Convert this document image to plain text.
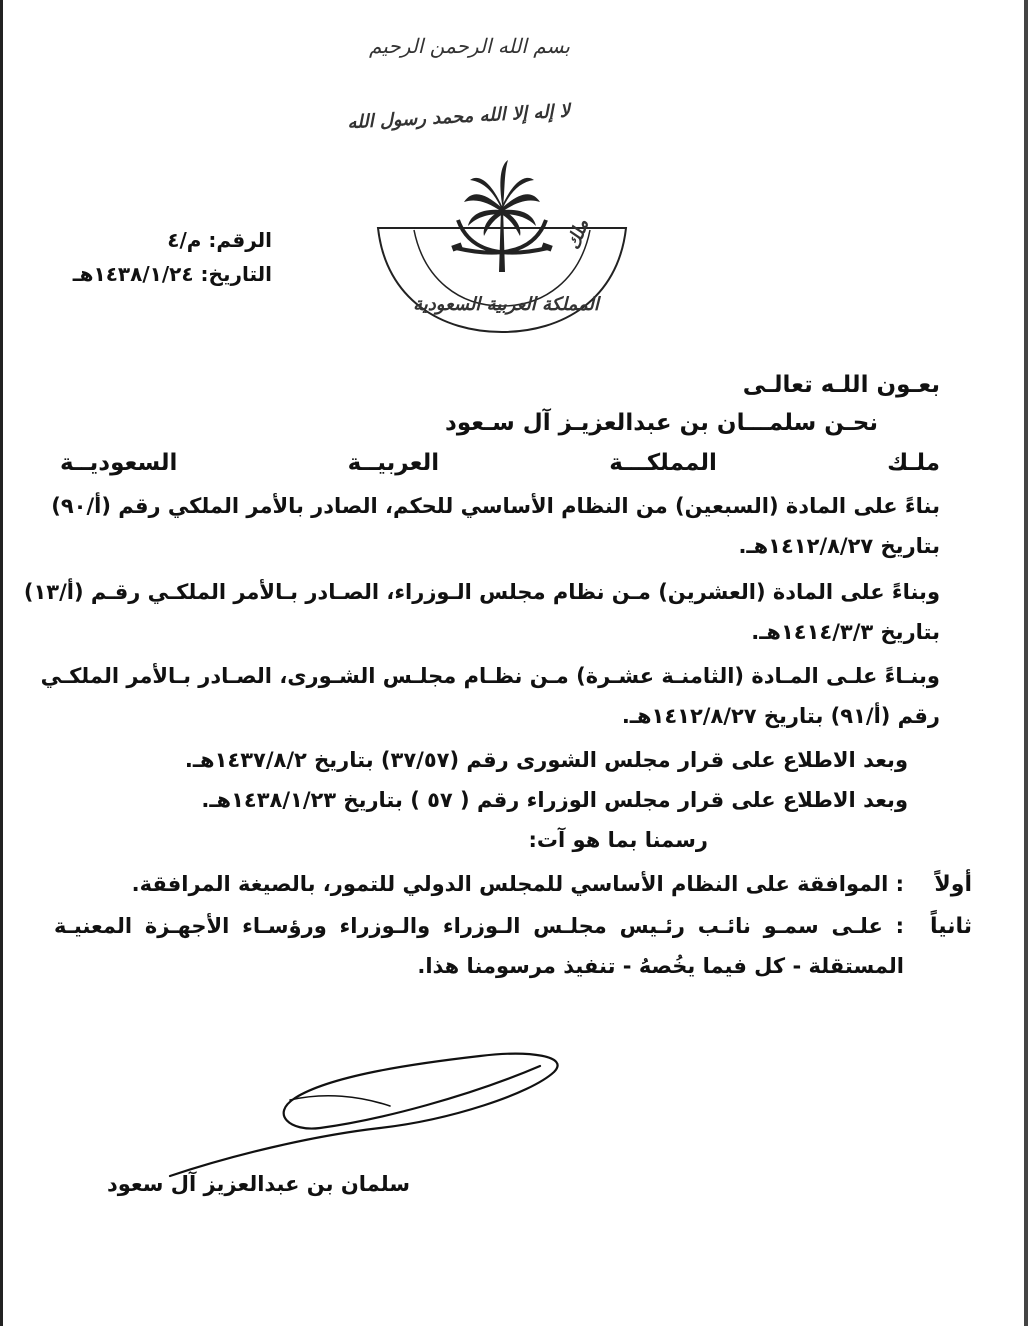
بسم الله الرحمن الرحيم
لا إله إلا الله محمد رسول الله
المملكة العربية السعودية
ملك
الرقم: م/٤
التاريخ: ١٤٣٨/١/٢٤هـ
بعـون اللـه تعالـى
نحـن سلمـــان بن عبدالعزيـز آل سـعود
ملـك المملكـــة العربيــة السعوديــة
بناءً على المادة (السبعين) من النظام الأساسي للحكم، الصادر بالأمر الملكي رقم (أ/٩٠)
بتاريخ ١٤١٢/٨/٢٧هـ.
وبناءً على المادة (العشرين) مـن نظام مجلس الـوزراء، الصـادر بـالأمر الملكـي رقـم (أ/١٣)
بتاريخ ١٤١٤/٣/٣هـ.
وبنـاءً علـى المـادة (الثامنـة عشـرة) مـن نظـام مجلـس الشـورى، الصـادر بـالأمر الملكـي
رقم (أ/٩١) بتاريخ ١٤١٢/٨/٢٧هـ.
وبعد الاطلاع على قرار مجلس الشورى رقم (٣٧/٥٧) بتاريخ ١٤٣٧/٨/٢هـ.
وبعد الاطلاع على قرار مجلس الوزراء رقم ( ٥٧ ) بتاريخ ١٤٣٨/١/٢٣هـ.
رسمنا بما هو آت:
أولاً
: الموافقة على النظام الأساسي للمجلس الدولي للتمور، بالصيغة المرافقة.
ثانياً
: علـى سمـو نائـب رئـيس مجلـس الـوزراء والـوزراء ورؤسـاء الأجهـزة المعنيـة
المستقلة - كل فيما يخُصهُ - تنفيذ مرسومنا هذا.
سلمان بن عبدالعزيز آل سعود
